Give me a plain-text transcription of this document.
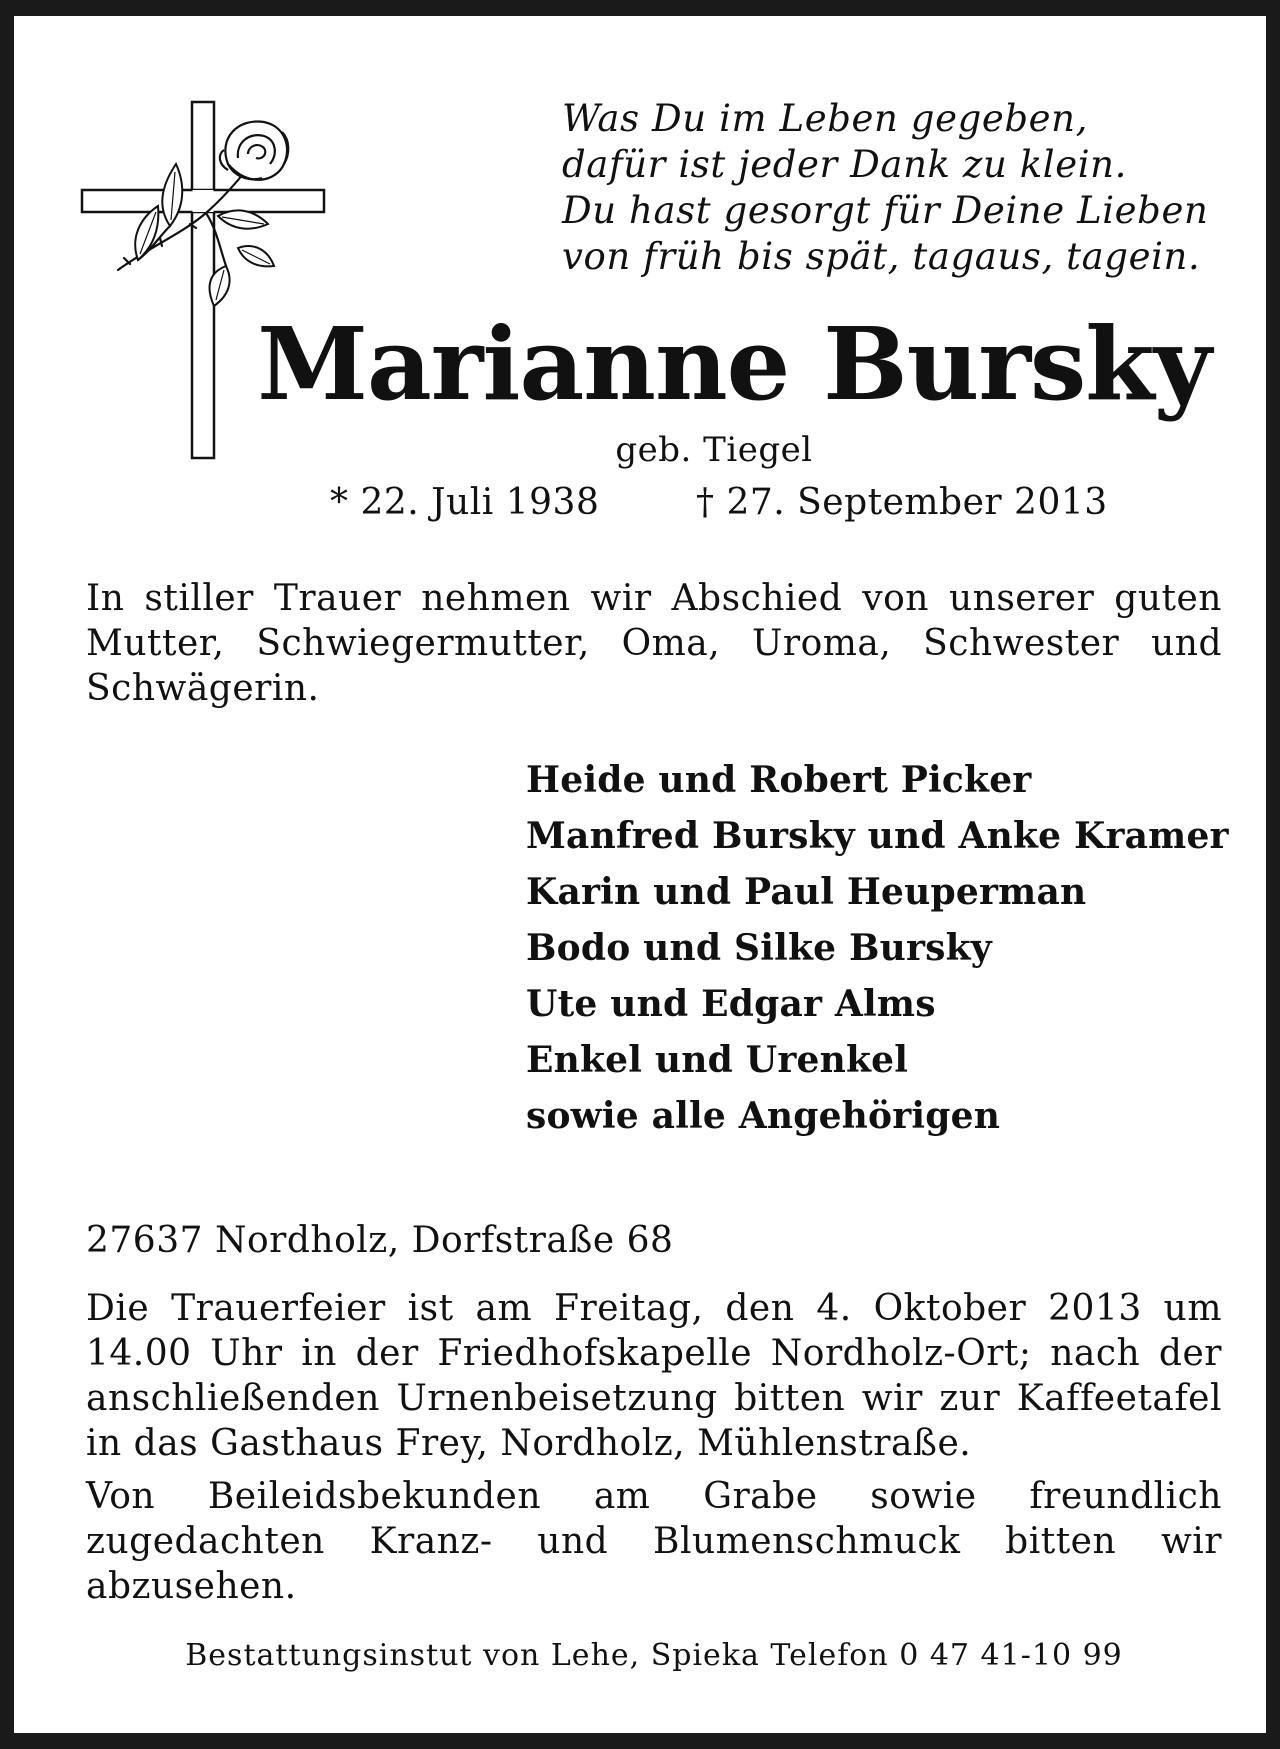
Was Du im Leben gegeben,
dafür ist jeder Dank zu klein.
Du hast gesorgt für Deine Lieben
von früh bis spät, tagaus, tagein.
Marianne Bursky
geb. Tiegel
* 22. Juli 1938	† 27. September 2013
In stiller Trauer nehmen wir Abschied von unserer guten Mutter, Schwiegermutter, Oma, Uroma, Schwester und Schwägerin.
Heide und Robert Picker
Manfred Bursky und Anke Kramer
Karin und Paul Heuperman
Bodo und Silke Bursky
Ute und Edgar Alms
Enkel und Urenkel
sowie alle Angehörigen
27637 Nordholz, Dorfstraße 68
Die Trauerfeier ist am Freitag, den 4. Oktober 2013 um 14.00 Uhr in der Friedhofskapelle Nordholz-Ort; nach der anschließenden Urnenbeisetzung bitten wir zur Kaffeetafel in das Gasthaus Frey, Nordholz, Mühlenstraße.
Von Beileidsbekunden am Grabe sowie freundlich zugedachten Kranz- und Blumenschmuck bitten wir abzusehen.
Bestattungsinstut von Lehe, Spieka Telefon 0 47 41-10 99
